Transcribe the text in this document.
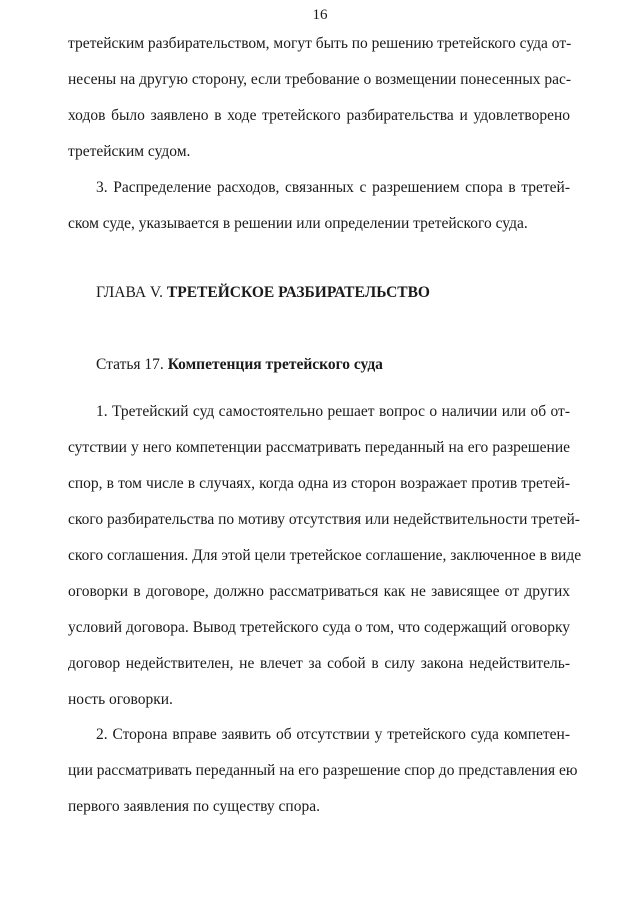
16
третейским разбирательством, могут быть по решению третейского суда от-
несены на другую сторону, если требование о возмещении понесенных рас-
ходов было заявлено в ходе третейского разбирательства и удовлетворено
третейским судом.
3. Распределение расходов, связанных с разрешением спора в третей-
ском суде, указывается в решении или определении третейского суда.
ГЛАВА V. ТРЕТЕЙСКОЕ РАЗБИРАТЕЛЬСТВО
Статья 17. Компетенция третейского суда
1. Третейский суд самостоятельно решает вопрос о наличии или об от-
сутствии у него компетенции рассматривать переданный на его разрешение
спор, в том числе в случаях, когда одна из сторон возражает против третей-
ского разбирательства по мотиву отсутствия или недействительности третей-
ского соглашения. Для этой цели третейское соглашение, заключенное в виде
оговорки в договоре, должно рассматриваться как не зависящее от других
условий договора. Вывод третейского суда о том, что содержащий оговорку
договор недействителен, не влечет за собой в силу закона недействитель-
ность оговорки.
2. Сторона вправе заявить об отсутствии у третейского суда компетен-
ции рассматривать переданный на его разрешение спор до представления ею
первого заявления по существу спора.
